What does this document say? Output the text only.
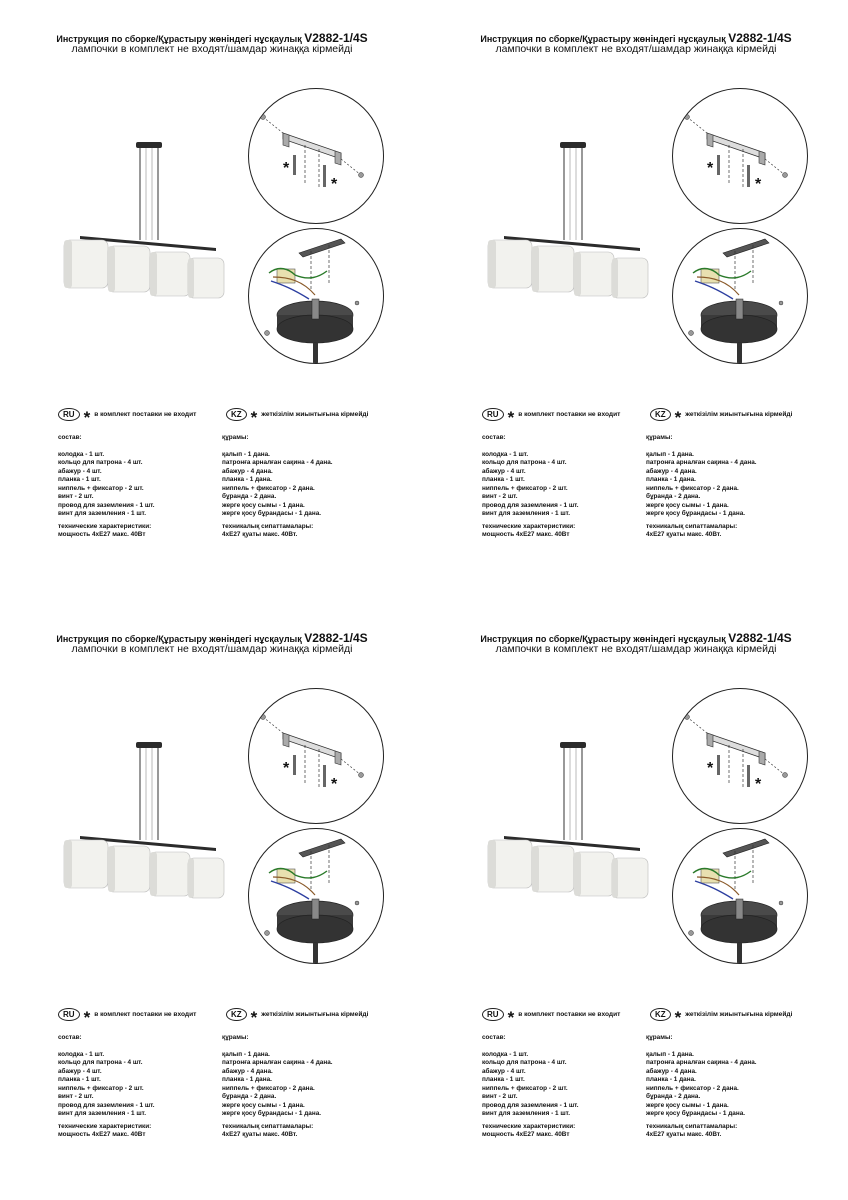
Инструкция по сборке/Құрастыру жөніндегі нұсқаулық V2882-1/4S
лампочки в комплект не входят/шамдар жинаққа кірмейді
*
*
RU * в комплект поставки не входит	KZ * жеткізілім жиынтығына кірмейді
состав:
колодка - 1 шт.
кольцо для патрона - 4 шт.
абажур - 4 шт.
планка - 1 шт.
ниппель + фиксатор - 2 шт.
винт - 2 шт.
провод для заземления - 1 шт.
винт для заземления - 1 шт.
технические характеристики:
мощность 4хE27 макс. 40Вт
құрамы:
қалып - 1 дана.
патронға арналған сақина - 4 дана.
абажур - 4 дана.
планка - 1 дана.
ниппель + фиксатор - 2 дана.
бұрандa - 2 дана.
жерге қосу сымы - 1 дана.
жерге қосу бұрандасы - 1 дана.
техникалық сипаттамалары:
4хE27 қуаты макс. 40Вт.
Инструкция по сборке/Құрастыру жөніндегі нұсқаулық V2882-1/4S
лампочки в комплект не входят/шамдар жинаққа кірмейді
*
*
RU * в комплект поставки не входит	KZ * жеткізілім жиынтығына кірмейді
состав:
колодка - 1 шт.
кольцо для патрона - 4 шт.
абажур - 4 шт.
планка - 1 шт.
ниппель + фиксатор - 2 шт.
винт - 2 шт.
провод для заземления - 1 шт.
винт для заземления - 1 шт.
технические характеристики:
мощность 4хE27 макс. 40Вт
құрамы:
қалып - 1 дана.
патронға арналған сақина - 4 дана.
абажур - 4 дана.
планка - 1 дана.
ниппель + фиксатор - 2 дана.
бұрандa - 2 дана.
жерге қосу сымы - 1 дана.
жерге қосу бұрандасы - 1 дана.
техникалық сипаттамалары:
4хE27 қуаты макс. 40Вт.
Инструкция по сборке/Құрастыру жөніндегі нұсқаулық V2882-1/4S
лампочки в комплект не входят/шамдар жинаққа кірмейді
*
*
RU * в комплект поставки не входит	KZ * жеткізілім жиынтығына кірмейді
состав:
колодка - 1 шт.
кольцо для патрона - 4 шт.
абажур - 4 шт.
планка - 1 шт.
ниппель + фиксатор - 2 шт.
винт - 2 шт.
провод для заземления - 1 шт.
винт для заземления - 1 шт.
технические характеристики:
мощность 4хE27 макс. 40Вт
құрамы:
қалып - 1 дана.
патронға арналған сақина - 4 дана.
абажур - 4 дана.
планка - 1 дана.
ниппель + фиксатор - 2 дана.
бұрандa - 2 дана.
жерге қосу сымы - 1 дана.
жерге қосу бұрандасы - 1 дана.
техникалық сипаттамалары:
4хE27 қуаты макс. 40Вт.
Инструкция по сборке/Құрастыру жөніндегі нұсқаулық V2882-1/4S
лампочки в комплект не входят/шамдар жинаққа кірмейді
*
*
RU * в комплект поставки не входит	KZ * жеткізілім жиынтығына кірмейді
состав:
колодка - 1 шт.
кольцо для патрона - 4 шт.
абажур - 4 шт.
планка - 1 шт.
ниппель + фиксатор - 2 шт.
винт - 2 шт.
провод для заземления - 1 шт.
винт для заземления - 1 шт.
технические характеристики:
мощность 4хE27 макс. 40Вт
құрамы:
қалып - 1 дана.
патронға арналған сақина - 4 дана.
абажур - 4 дана.
планка - 1 дана.
ниппель + фиксатор - 2 дана.
бұрандa - 2 дана.
жерге қосу сымы - 1 дана.
жерге қосу бұрандасы - 1 дана.
техникалық сипаттамалары:
4хE27 қуаты макс. 40Вт.
